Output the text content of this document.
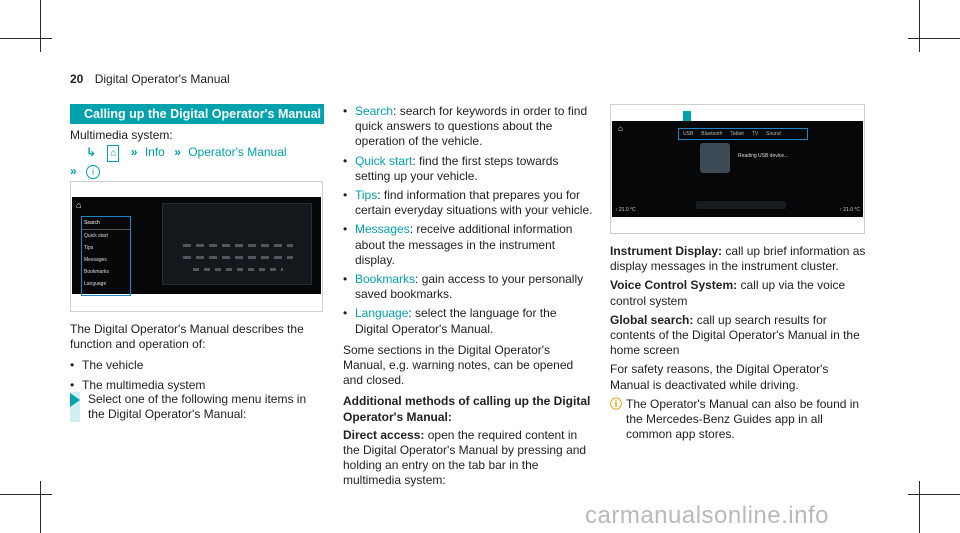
20 Digital Operator's Manual
Calling up the Digital Operator's Manual
Multimedia system:
↳ ⌂ » Info » Operator's Manual
» i
⌂
Search
Quick start
Tips
Messages
Bookmarks
Language
The Digital Operator's Manual describes the function and operation of:
• The vehicle
• The multimedia system
Select one of the following menu items in the Digital Operator's Manual:
• Search: search for keywords in order to find quick answers to questions about the operation of the vehicle.
• Quick start: find the first steps towards setting up your vehicle.
• Tips: find information that prepares you for certain everyday situations with your vehicle.
• Messages: receive additional information about the messages in the instrument display.
• Bookmarks: gain access to your personally saved bookmarks.
• Language: select the language for the Digital Operator's Manual.
Some sections in the Digital Operator's Manual, e.g. warning notes, can be opened and closed.
Additional methods of calling up the Digital Operator's Manual:
Direct access: open the required content in the Digital Operator's Manual by pressing and holding an entry on the tab bar in the multimedia system:
⌂
USB Bluetooth Tablet TV Sound
Reading USB device...
↑ 21.0 °C	↑ 21.0 °C
Instrument Display: call up brief information as display messages in the instrument cluster.
Voice Control System: call up via the voice control system
Global search: call up search results for contents of the Digital Operator's Manual in the home screen
For safety reasons, the Digital Operator's Manual is deactivated while driving.
ⓘ The Operator's Manual can also be found in the Mercedes-Benz Guides app in all common app stores.
carmanualsonline.info
